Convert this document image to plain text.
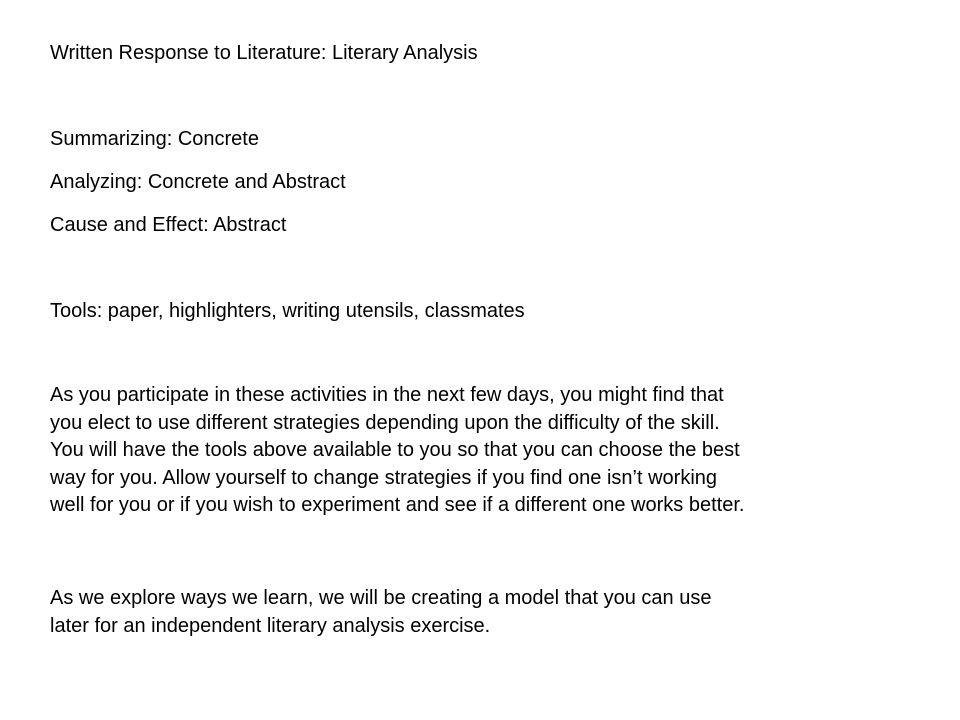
Written Response to Literature: Literary Analysis

Summarizing: Concrete

Analyzing: Concrete and Abstract

Cause and Effect: Abstract

Tools: paper, highlighters, writing utensils, classmates

As you participate in these activities in the next few days, you might find that
you elect to use different strategies depending upon the difficulty of the skill.
You will have the tools above available to you so that you can choose the best
way for you. Allow yourself to change strategies if you find one isn’t working
well for you or if you wish to experiment and see if a different one works better.
As we explore ways we learn, we will be creating a model that you can use
later for an independent literary analysis exercise.
